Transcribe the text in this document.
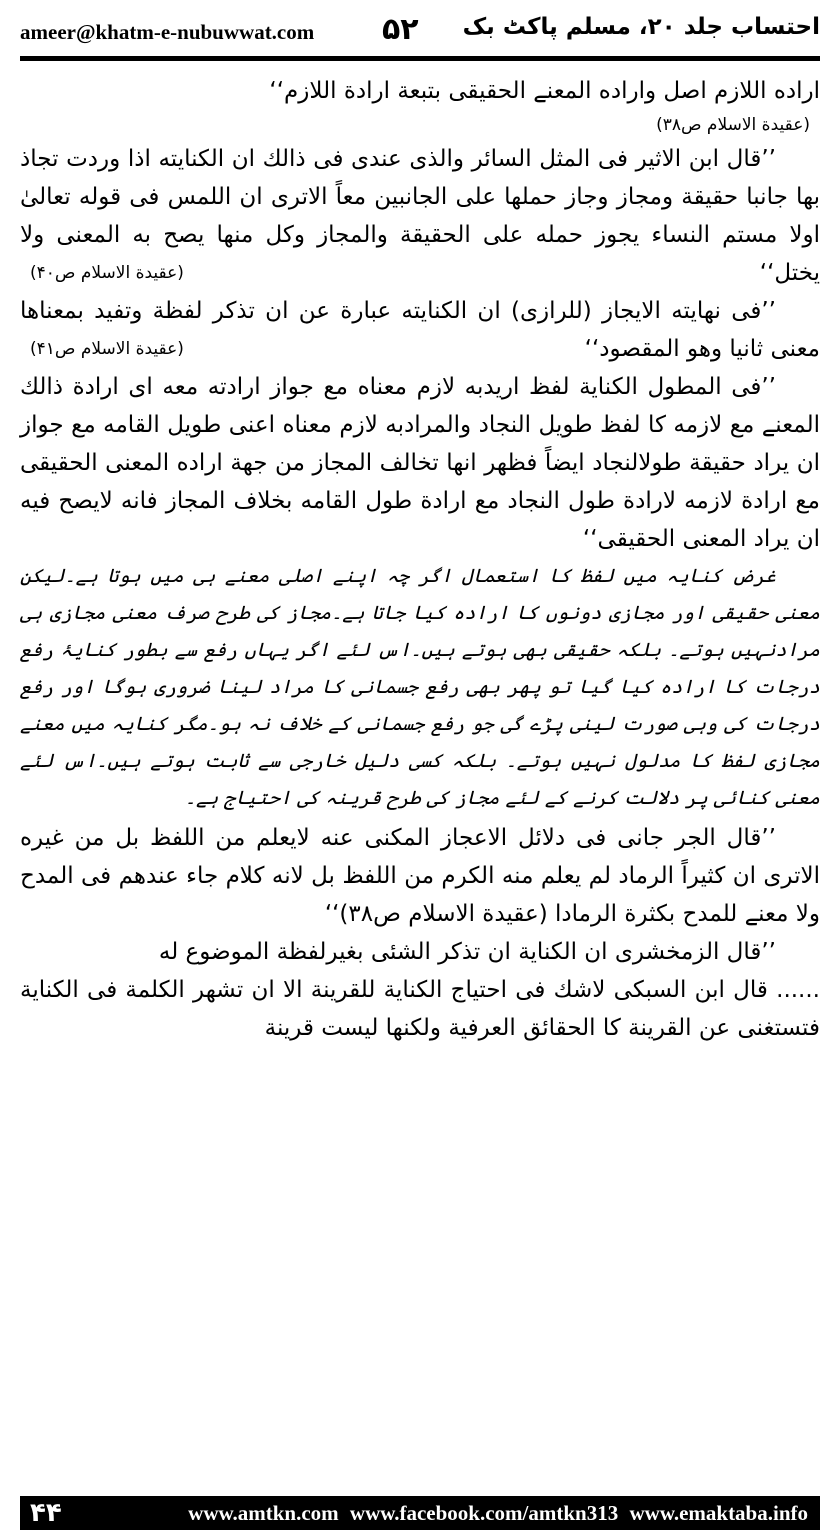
ameer@khatm-e-nubuwwat.com ۵۲ احتساب جلد ۲۰، مسلم پاکٹ بک

اراده اللازم اصل واراده المعنے الحقیقی بتبعة ارادة اللازم‘‘

(عقیدة الاسلام ص۳۸)

’’قال ابن الاثیر فی المثل السائر والذی عندی فی ذالك ان الكنایته اذا وردت تجاذ بها جانبا حقیقة ومجاز وجاز حملها علی الجانبین معاً الاتری ان اللمس فی قوله تعالیٰ اولا مستم النساء یجوز حمله علی الحقیقة والمجاز وكل منها یصح به المعنی ولا یختل‘‘
(عقیدة الاسلام ص۴۰)

’’فی نهایته الایجاز (للرازی) ان الكنایته عبارة عن ان تذكر لفظة وتفید بمعناها معنی ثانیا وهو المقصود‘‘
(عقیدة الاسلام ص۴۱)

’’فی المطول الكنایة لفظ اریدبه لازم معناه مع جواز ارادته معه ای ارادة ذالك المعنے مع لازمه كا لفظ طویل النجاد والمرادبه لازم معناه اعنی طویل القامه مع جواز ان یراد حقیقة طولالنجاد ایضاً فظهر انها تخالف المجاز من جهة اراده المعنی الحقیقی مع ارادة لازمه لارادة طول النجاد مع ارادة طول القامه بخلاف المجاز فانه لایصح فیه ان یراد المعنی الحقیقی‘‘

غرض کنایہ میں لفظ کا استعمال اگر چہ اپنے اصلی معنے ہی میں ہوتا ہے۔لیکن معنی حقیقی اور مجازی دونوں کا ارادہ کیا جاتا ہے۔مجاز کی طرح صرف معنی مجازی ہی مرادنہیں ہوتے۔ بلکہ حقیقی بھی ہوتے ہیں۔اس لئے اگر یہاں رفع سے بطور کنایۂ رفع درجات کا ارادہ کیا گیا تو پھر بھی رفع جسمانی کا مراد لینا ضروری ہوگا اور رفع درجات کی وہی صورت لینی پڑے گی جو رفع جسمانی کے خلاف نہ ہو۔مگر کنایہ میں معنے مجازی لفظ کا مدلول نہیں ہوتے۔ بلکہ کسی دلیل خارجی سے ثابت ہوتے ہیں۔اس لئے معنی کنائی پر دلالت کرنے کے لئے مجاز کی طرح قرینہ کی احتیاج ہے۔

’’قال الجر جانی فی دلائل الاعجاز المكنی عنه لایعلم من اللفظ بل من غیره الاتری ان كثیراً الرماد لم یعلم منه الكرم من اللفظ بل لانه كلام جاء عندهم فی المدح ولا معنے للمدح بكثرة الرمادا (عقیدة الاسلام ص۳۸)‘‘

’’قال الزمخشری ان الكنایة ان تذكر الشئی بغیرلفظة الموضوع له

...... قال ابن السبكی لاشك فی احتیاج الكنایة للقرینة الا ان تشهر الكلمة فی الكنایة فتستغنی عن القرینة كا الحقائق العرفیة ولكنها لیست قرینة

۴۴	www.amtkn.com www.facebook.com/amtkn313 www.emaktaba.info
